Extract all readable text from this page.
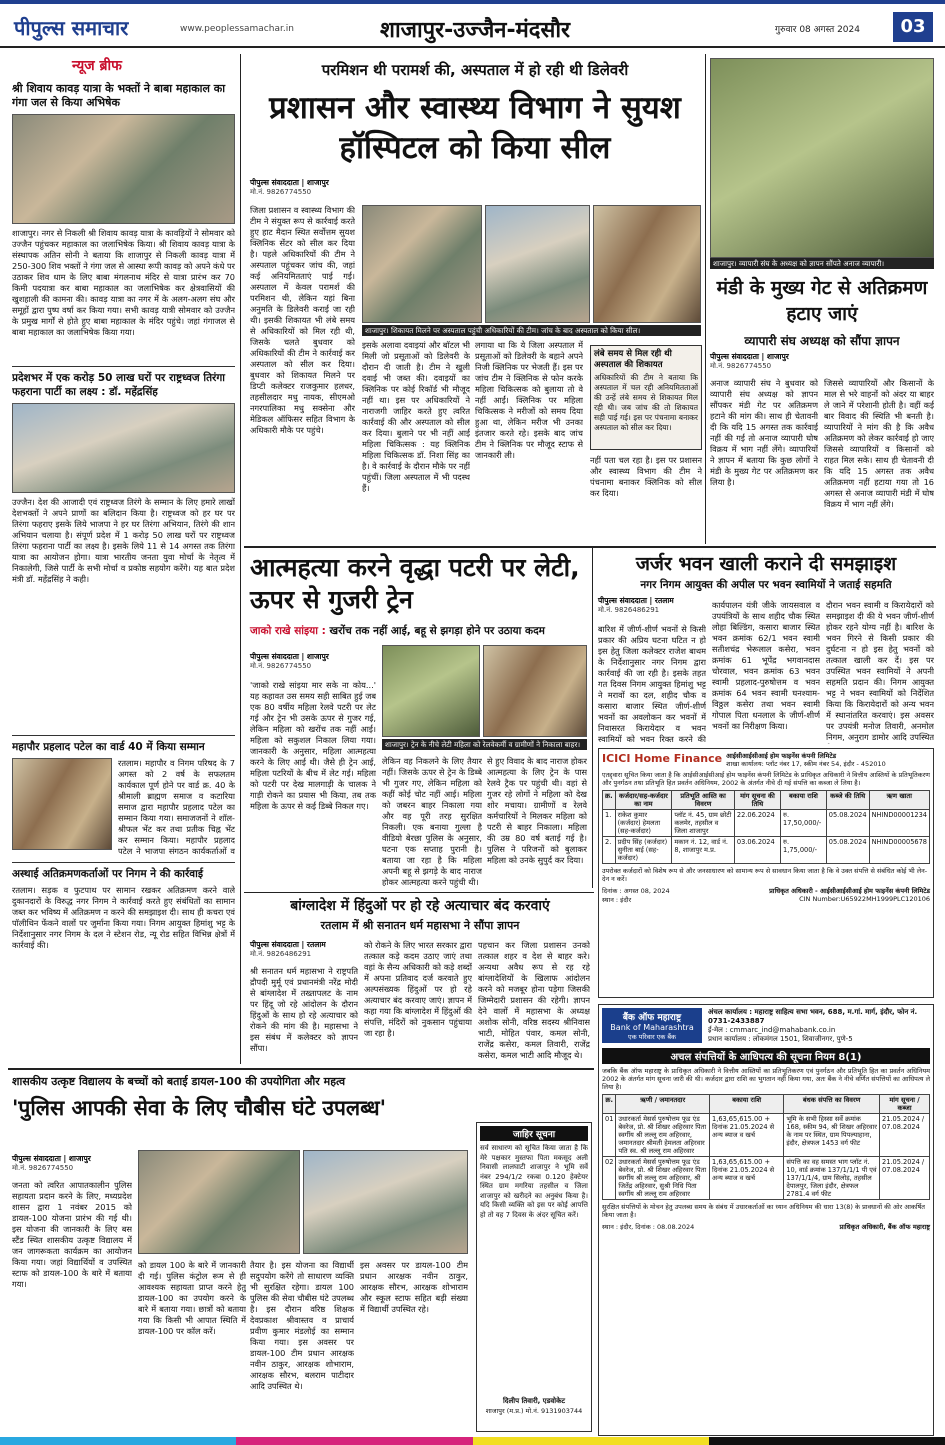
पीपुल्स समाचार	www.peoplessamachar.in	शाजापुर-उज्जैन-मंदसौर	गुरुवार 08 अगस्त 2024	03
न्यूज ब्रीफ
श्री शिवाय कावड़ यात्रा के भक्तों ने बाबा महाकाल का गंगा जल से किया अभिषेक
शाजापुर। नगर से निकली श्री शिवाय कावड़ यात्रा के कावड़ियों ने सोमवार को उज्जैन पहुंचकर महाकाल का जलाभिषेक किया। श्री शिवाय कावड़ यात्रा के संस्थापक अतिन सोनी ने बताया कि शाजापुर से निकली कावड़ यात्रा में 250-300 शिव भक्तों ने गंगा जल से आस्था रूपी कावड़ को अपने कंधे पर उठाकर शिव धाम के लिए बाबा मंगलनाथ मंदिर से यात्रा प्रारंभ कर 70 किमी पदयात्रा कर बाबा महाकाल का जलाभिषेक कर क्षेत्रवासियों की खुशहाली की कामना की। कावड़ यात्रा का नगर में के अलग-अलग संघ और समूहों द्वारा पुष्प वर्षा कर किया गया। सभी कावड़ यात्री सोमवार को उज्जैन के प्रमुख मार्गों से होते हुए बाबा महाकाल के मंदिर पहुंचे। जहां गंगाजल से बाबा महाकाल का जलाभिषेक किया गया।
प्रदेशभर में एक करोड़ 50 लाख घरों पर राष्ट्रध्वज तिरंगा फहराना पार्टी का लक्ष्य : डॉ. महेंद्रसिंह
उज्जैन। देश की आजादी एवं राष्ट्रध्वज तिरंगे के सम्मान के लिए हमारे लाखों देशभक्तों ने अपने प्राणों का बलिदान किया है। राष्ट्रध्वज को हर घर पर तिरंगा फहराए इसके लिये भाजपा ने हर घर तिरंगा अभियान, तिरंगे की शान अभियान चलाया है। संपूर्ण प्रदेश में 1 करोड़ 50 लाख घरों पर राष्ट्रध्वज तिरंगा फहराना पार्टी का लक्ष्य है। इसके लिये 11 से 14 अगस्त तक तिरंगा यात्रा का आयोजन होगा। यात्रा भारतीय जनता युवा मोर्चा के नेतृत्व में निकालेगी, जिसे पार्टी के सभी मोर्चा व प्रकोष्ठ सहयोग करेंगे। यह बात प्रदेश मंत्री डॉ. महेंद्रसिंह ने कही।
महापौर प्रहलाद पटेल का वार्ड 40 में किया सम्मान
रतलाम। महापौर व निगम परिषद के 7 अगस्त को 2 वर्ष के सफलतम कार्यकाल पूर्ण होने पर वार्ड क्र. 40 के श्रीमाली ब्राह्मण समाज व कटारिया समाज द्वारा महापौर प्रहलाद पटेल का सम्मान किया गया। समाजजनों ने शॉल-श्रीफल भेंट कर तथा प्रतीक चिह्न भेंट कर सम्मान किया। महापौर प्रहलाद पटेल ने भाजपा संगठन कार्यकर्ताओं व
अस्थाई अतिक्रमणकर्ताओं पर निगम ने की कार्रवाई
रतलाम। सड़क व फुटपाथ पर सामान रखकर अतिक्रमण करने वाले दुकानदारों के विरुद्ध नगर निगम ने कार्रवाई करते हुए संबंधितों का सामान जब्त कर भविष्य में अतिक्रमण न करने की समझाइश दी। साथ ही कचरा एवं पॉलीथिन फेंकने वालों पर जुर्माना किया गया। निगम आयुक्त हिमांशु भट्ट के निर्देशानुसार नगर निगम के दल ने स्टेशन रोड, न्यू रोड सहित विभिन्न क्षेत्रों में कार्रवाई की।
परमिशन थी परामर्श की, अस्पताल में हो रही थी डिलेवरी
प्रशासन और स्वास्थ्य विभाग ने सुयश हॉस्पिटल को किया सील
पीपुल्स संवाददाता | शाजापुर
मो.नं. 9826774550
जिला प्रशासन व स्वास्थ्य विभाग की टीम ने संयुक्त रूप से कार्रवाई करते हुए हाट मैदान स्थित सर्वोत्तम सुयश क्लिनिक सेंटर को सील कर दिया है। पहले अधिकारियों की टीम ने अस्पताल पहुंचकर जांच की, जहां कई अनियमितताएं पाई गई। अस्पताल में केवल परामर्श की परमिशन थी, लेकिन यहां बिना अनुमति के डिलेवरी कराई जा रही थी। इसकी शिकायत भी लंबे समय से अधिकारियों को मिल रही थी, जिसके चलते बुधवार को अधिकारियों की टीम ने कार्रवाई कर अस्पताल को सील कर दिया। बुधवार को शिकायत मिलने पर डिप्टी कलेक्टर राजकुमार हलधर, तहसीलदार मधु नायक, सीएमओ नगरपालिका मधु सक्सेना और मेडिकल ऑफिसर सहित विभाग के अधिकारी मौके पर पहुंचे।
शाजापुर। शिकायत मिलने पर अस्पताल पहुंची अधिकारियों की टीम। जांच के बाद अस्पताल को किया सील।
इसके अलावा दवाइयां और बॉटल भी मिली जो प्रसूताओं को डिलेवरी के दौरान दी जाती है। टीम ने खुली दवाई भी जब्त की। दवाइयों का क्लिनिक पर कोई रिकॉर्ड भी मौजूद नहीं था। इस पर अधिकारियों ने नाराजगी जाहिर करते हुए त्वरित कार्रवाई की और अस्पताल को सील कर दिया। बुलाने पर भी नहीं आई महिला चिकित्सक : यह क्लिनिक महिला चिकित्सक डॉ. निशा सिंह का है। वे कार्रवाई के दौरान मौके पर नहीं पहुंचीं। जिला अस्पताल में भी पदस्थ हैं।
लगाया था कि ये जिला अस्पताल में प्रसूताओं को डिलेवरी के बहाने अपने निजी क्लिनिक पर भेजती हैं। इस पर जांच टीम ने क्लिनिक से फोन करके महिला चिकित्सक को बुलाया तो वे नहीं आईं। क्लिनिक पर महिला चिकित्सक ने मरीजों को समय दिया हुआ था, लेकिन मरीज भी उनका इंतजार करते रहे। इसके बाद जांच टीम ने क्लिनिक पर मौजूद स्टाफ से जानकारी ली।
लंबे समय से मिल रही थी अस्पताल की शिकायत
अधिकारियों की टीम ने बताया कि अस्पताल में चल रही अनियमितताओं की उन्हें लंबे समय से शिकायत मिल रही थी। जब जांच की तो शिकायत सही पाई गई। इस पर पंचनामा बनाकर अस्पताल को सील कर दिया।
नहीं पता चल रहा है। इस पर प्रशासन और स्वास्थ्य विभाग की टीम ने पंचनामा बनाकर क्लिनिक को सील कर दिया।
शाजापुर। व्यापारी संघ के अध्यक्ष को ज्ञापन सौंपते अनाज व्यापारी।
मंडी के मुख्य गेट से अतिक्रमण हटाए जाएं
व्यापारी संघ अध्यक्ष को सौंपा ज्ञापन
पीपुल्स संवाददाता | शाजापुर
मो.नं. 9826774550
अनाज व्यापारी संघ ने बुधवार को व्यापारी संघ अध्यक्ष को ज्ञापन सौंपकर मंडी गेट पर अतिक्रमण हटाने की मांग की। साथ ही चेतावनी दी कि यदि 15 अगस्त तक कार्रवाई नहीं की गई तो अनाज व्यापारी घोष विक्रय में भाग नहीं लेंगे। व्यापारियों ने ज्ञापन में बताया कि कुछ लोगों ने मंडी के मुख्य गेट पर अतिक्रमण कर लिया है।
जिससे व्यापारियों और किसानों के माल से भरे वाहनों को अंदर या बाहर ले जाने में परेशानी होती है। वहीं कई बार विवाद की स्थिति भी बनती है। व्यापारियों ने मांग की है कि अवैध अतिक्रमण को लेकर कार्रवाई हो जाए जिससे व्यापारियों व किसानों को राहत मिल सके। साथ ही चेतावनी दी कि यदि 15 अगस्त तक अवैध अतिक्रमण नहीं हटाया गया तो 16 अगस्त से अनाज व्यापारी मंडी में घोष विक्रय में भाग नहीं लेंगे।
आत्महत्या करने वृद्धा पटरी पर लेटी, ऊपर से गुजरी ट्रेन
जाको राखे सांइया : खरोंच तक नहीं आई, बहू से झगड़ा होने पर उठाया कदम
पीपुल्स संवाददाता | शाजापुर
मो.नं. 9826774550
शाजापुर। ट्रेन के नीचे लेटी महिला को रेलवेकर्मी व ग्रामीणों ने निकाला बाहर।
'जाको राखे सांइया मार सके ना कोय...' यह कहावत उस समय सही साबित हुई जब एक 80 वर्षीय महिला रेलवे पटरी पर लेट गई और ट्रेन भी उसके ऊपर से गुजर गई, लेकिन महिला को खरोंच तक नहीं आई। महिला को सकुशल निकाल लिया गया। जानकारी के अनुसार, महिला आत्महत्या करने के लिए आई थी। जैसे ही ट्रेन आई, महिला पटरियों के बीच में लेट गई। महिला को पटरी पर देख मालगाड़ी के चालक ने गाड़ी रोकने का प्रयास भी किया, तब तक महिला के ऊपर से कई डिब्बे निकल गए।
लेकिन वह निकलने के लिए तैयार नहीं। जिसके ऊपर से ट्रेन के डिब्बे भी गुजर गए, लेकिन महिला को कहीं कोई चोट नहीं आई। महिला को जबरन बाहर निकाला गया और वह पूरी तरह सुरक्षित निकली। एक बनाया गुल्ला है वीडियो बेरछा पुलिस के अनुसार, घटना एक सप्ताह पुरानी है। बताया जा रहा है कि महिला अपनी बहू से झगड़े के बाद नाराज होकर आत्महत्या करने पहुंची थी।
से हुए विवाद के बाद नाराज होकर आत्महत्या के लिए ट्रेन के पास रेलवे ट्रैक पर पहुंची थी। वहां से गुजर रहे लोगों ने महिला को देख शोर मचाया। ग्रामीणों व रेलवे कर्मचारियों ने मिलकर महिला को पटरी से बाहर निकाला। महिला की उम्र 80 वर्ष बताई गई है। पुलिस ने परिजनों को बुलाकर महिला को उनके सुपुर्द कर दिया।
जर्जर भवन खाली कराने दी समझाइश
नगर निगम आयुक्त की अपील पर भवन स्वामियों ने जताई सहमति
पीपुल्स संवाददाता | रतलाम
मो.नं. 9826486291
बारिश में जीर्ण-शीर्ण भवनों से किसी प्रकार की अप्रिय घटना घटित न हो इस हेतु जिला कलेक्टर राजेश बाथम के निर्देशानुसार नगर निगम द्वारा कार्रवाई की जा रही है। इसके तहत गत दिवस निगम आयुक्त हिमांशु भट्ट ने मरावों का दल, शहीद चौक व कसारा बाजार स्थित जीर्ण-शीर्ण भवनों का अवलोकन कर भवनों में निवासरत किरायेदार व भवन स्वामियों को भवन रिक्त करने की
कार्यपालन यंत्री जीके जायसवाल व उपयंत्रियों के साथ शहीद चौक स्थित लोहा बिल्डिंग, कसारा बाजार स्थित भवन क्रमांक 62/1 भवन स्वामी सतीशचंद्र भेरूलाल कसेरा, भवन क्रमांक 61 भूपेंद्र भगवानदास चोरवाल, भवन क्रमांक 63 भवन स्वामी प्रहलाद-पुरुषोत्तम व भवन क्रमांक 64 भवन स्वामी घनश्याम-विठ्ठल कसेरा तथा भवन स्वामी गोपाल पिता धनलाल के जीर्ण-शीर्ण भवनों का निरीक्षण किया।
दौरान भवन स्वामी व किरायेदारों को समझाइश दी की ये भवन जीर्ण-शीर्ण होकर रहने योग्य नहीं है। बारिश के भवन गिरने से किसी प्रकार की दुर्घटना न हो इस हेतु भवनों को तत्काल खाली कर दें। इस पर उपस्थित भवन स्वामियों ने अपनी सहमति प्रदान की। निगम आयुक्त भट्ट ने भवन स्वामियों को निर्देशित किया कि किरायेदारों को अन्य भवन में स्थानांतरित करवाएं। इस अवसर पर उपयंत्री मनोज तिवारी, अनमोल निगम, अनुराग डामोर आदि उपस्थित
ICICI Home Finance आईसीआईसीआई होम फाइनेंस कंपनी लिमिटेड
शाखा कार्यालय: प्लॉट नंबर 17, स्कीम नंबर 54, इंदौर - 452010
एतद्द्वारा सूचित किया जाता है कि आईसीआईसीआई होम फाइनेंस कंपनी लिमिटेड के प्राधिकृत अधिकारी ने वित्तीय आस्तियों के प्रतिभूतिकरण और पुनर्गठन तथा प्रतिभूति हित प्रवर्तन अधिनियम, 2002 के अंतर्गत नीचे दी गई संपत्ति का कब्जा ले लिया है।
क्र.	कर्जदार/सह-कर्जदार का नाम	प्रतिभूति आस्ति का विवरण	मांग सूचना की तिथि	बकाया राशि	कब्जे की तिथि	ऋण खाता
1.	राकेश कुमार (कर्जदार) हेमलता (सह-कर्जदार)	प्लॉट नं. 45, ग्राम छोटी कलमेर, तहसील व जिला शाजापुर	22.06.2024	रु. 17,50,000/-	05.08.2024	NHIND00001234
2.	प्रदीप सिंह (कर्जदार) सुनीता बाई (सह-कर्जदार)	मकान नं. 12, वार्ड नं. 8, शाजापुर म.प्र.	03.06.2024	रु. 1,75,000/-	05.08.2024	NHIND00005678
उपरोक्त कर्जदारों को विशेष रूप से और जनसाधारण को सामान्य रूप से सावधान किया जाता है कि वे उक्त संपत्ति से संबंधित कोई भी लेन-देन न करें।
दिनांक : अगस्त 08, 2024
स्थान : इंदौर
प्राधिकृत अधिकारी - आईसीआईसीआई होम फाइनेंस कंपनी लिमिटेड
CIN Number:U65922MH1999PLC120106
बांग्लादेश में हिंदुओं पर हो रहे अत्याचार बंद करवाएं
रतलाम में श्री सनातन धर्म महासभा ने सौंपा ज्ञापन
पीपुल्स संवाददाता | रतलाम
मो.नं. 9826486291
श्री सनातन धर्म महासभा ने राष्ट्रपति द्रौपदी मुर्मू एवं प्रधानमंत्री नरेंद्र मोदी से बांग्लादेश में तख्तापलट के नाम पर हिंदू जो रहे आंदोलन के दौरान हिंदुओं के साथ हो रहे अत्याचार को रोकने की मांग की है। महासभा ने इस संबंध में कलेक्टर को ज्ञापन सौंपा।
को रोकने के लिए भारत सरकार द्वारा तत्काल कड़े कदम उठाए जाएं तथा वहां के सैन्य अधिकारी को कड़े शब्दों में अपना प्रतिवाद दर्ज करवाते हुए अल्पसंख्यक हिंदुओं पर हो रहे अत्याचार बंद करवाए जाएं। ज्ञापन में कहा गया कि बांग्लादेश में हिंदुओं की संपत्ति, मंदिरों को नुकसान पहुंचाया जा रहा है।
पहचान कर जिला प्रशासन उनको तत्काल शहर व देश से बाहर करे। अन्यथा अवैध रूप से रह रहे बांग्लादेशियों के खिलाफ आंदोलन करने को मजबूर होना पड़ेगा जिसकी जिम्मेदारी प्रशासन की रहेगी। ज्ञापन देने वालों में महासभा के अध्यक्ष अशोक सोनी, वरिष्ठ सदस्य श्रीनिवास भाटी, मोहित पंवार, कमल सोनी, राजेंद्र कसेरा, कमल तिवारी, राजेंद्र कसेरा, कमल भाटी आदि मौजूद थे।
बैंक ऑफ महाराष्ट्र
Bank of Maharashtra
एक परिवार एक बैंक
अंचल कार्यालय : महाराष्ट्र साहित्य सभा भवन, 688, म.गां. मार्ग, इंदौर, फोन नं. 0731-2433887
ई-मेल : cmmarc_ind@mahabank.co.in
प्रधान कार्यालय : लोकमंगल 1501, शिवाजीनगर, पुणे-5
अचल संपत्तियों के आधिपत्य की सूचना नियम 8(1)
जबकि बैंक ऑफ महाराष्ट्र के प्राधिकृत अधिकारी ने वित्तीय आस्तियों का प्रतिभूतिकरण एवं पुनर्गठन और प्रतिभूति हित का प्रवर्तन अधिनियम 2002 के अंतर्गत मांग सूचना जारी की थी। कर्जदार द्वारा राशि का भुगतान नहीं किया गया, अतः बैंक ने नीचे वर्णित संपत्तियों का आधिपत्य ले लिया है।
क्र.	ऋणी / जमानतदार	बकाया राशि	बंधक संपत्ति का विवरण	मांग सूचना / कब्जा
01	उधारकर्ता मेसर्स पुरुषोत्तम फूड एंड बेवरेज, प्रो. श्री शिखर अहिरवार पिता स्वर्गीय श्री लल्लू राम अहिरवार, जमानतदार श्रीमती हेमलता अहिरवार पति स्व. श्री लल्लू राम अहिरवार	1,63,65,615.00 + दिनांक 21.05.2024 से अन्य ब्याज व खर्च	भूमि के सभी हिस्सा सर्वे क्रमांक 168, स्कीम 94, श्री शिखर अहिरवार के नाम पर स्थित, ग्राम पिपल्याहाना, इंदौर, क्षेत्रफल 1453 वर्ग फीट	21.05.2024 / 07.08.2024
02	उधारकर्ता मेसर्स पुरुषोत्तम फूड एंड बेवरेज, प्रो. श्री शिखर अहिरवार पिता स्वर्गीय श्री लल्लू राम अहिरवार, श्री जितेंद्र अहिरवार, सुश्री निधि पिता स्वर्गीय श्री लल्लू राम अहिरवार	1,63,65,615.00 + दिनांक 21.05.2024 से अन्य ब्याज व खर्च	संपत्ति का वह समस्त भाग प्लॉट नं. 10, वार्ड क्रमांक 137/1/1/1 पी एवं 137/1/1/4, ग्राम सिलोड़, तहसील देपालपुर, जिला इंदौर, क्षेत्रफल 2781.4 वर्ग फीट	21.05.2024 / 07.08.2024
सुरक्षित संपत्तियों के मोचन हेतु उपलब्ध समय के संबंध में उधारकर्ताओं का ध्यान अधिनियम की धारा 13(8) के प्रावधानों की ओर आकर्षित किया जाता है।
स्थान : इंदौर, दिनांक : 08.08.2024	प्राधिकृत अधिकारी, बैंक ऑफ महाराष्ट्र
शासकीय उत्कृष्ट विद्यालय के बच्चों को बताई डायल-100 की उपयोगिता और महत्व
'पुलिस आपकी सेवा के लिए चौबीस घंटे उपलब्ध'
पीपुल्स संवाददाता | शाजापुर
मो.नं. 9826774550
जनता को त्वरित आपातकालीन पुलिस सहायता प्रदान करने के लिए, मध्यप्रदेश शासन द्वारा 1 नवंबर 2015 को डायल-100 योजना प्रारंभ की गई थी। इस योजना की जानकारी के लिए बस स्टैंड स्थित शासकीय उत्कृष्ट विद्यालय में जन जागरूकता कार्यक्रम का आयोजन किया गया। जहां विद्यार्थियों व उपस्थित स्टाफ को डायल-100 के बारे में बताया गया।
को डायल 100 के बारे में जानकारी दी गई। पुलिस कंट्रोल रूम से ही आवश्यक सहायता प्राप्त करने हेतु डायल-100 का उपयोग करने के बारे में बताया गया। छात्रों को बताया गया कि किसी भी आपात स्थिति में डायल-100 पर कॉल करें।
तैयार है। इस योजना का विद्यार्थी सदुपयोग करेंगे तो साधारण व्यक्ति भी सुरक्षित रहेगा। डायल 100 पुलिस की सेवा चौबीस घंटे उपलब्ध है। इस दौरान वरिष्ठ शिक्षक देवप्रकाश श्रीवास्तव व प्राचार्य प्रवीण कुमार मंडलोई का सम्मान किया गया। इस अवसर पर डायल-100 टीम प्रधान आरक्षक नवीन ठाकुर, आरक्षक शोभाराम, आरक्षक सौरभ, बलराम पाटीदार आदि उपस्थित थे।
इस अवसर पर डायल-100 टीम प्रधान आरक्षक नवीन ठाकुर, आरक्षक सौरभ, आरक्षक शोभाराम और स्कूल स्टाफ सहित बड़ी संख्या में विद्यार्थी उपस्थित रहे।
जाहिर सूचना
सर्व साधारण को सूचित किया जाता है कि मेरे पक्षकार मुस्तफा पिता मकसूद अली निवासी लालघाटी शाजापुर ने भूमि सर्वे नंबर 294/1/2 रकबा 0.120 हेक्टेयर स्थित ग्राम मगरिया तहसील व जिला शाजापुर को खरीदने का अनुबंध किया है। यदि किसी व्यक्ति को इस पर कोई आपत्ति हो तो वह 7 दिवस के अंदर सूचित करें।
दिलीप तिवारी, एडवोकेट
शाजापुर (म.प्र.) मो.नं. 9131903744
